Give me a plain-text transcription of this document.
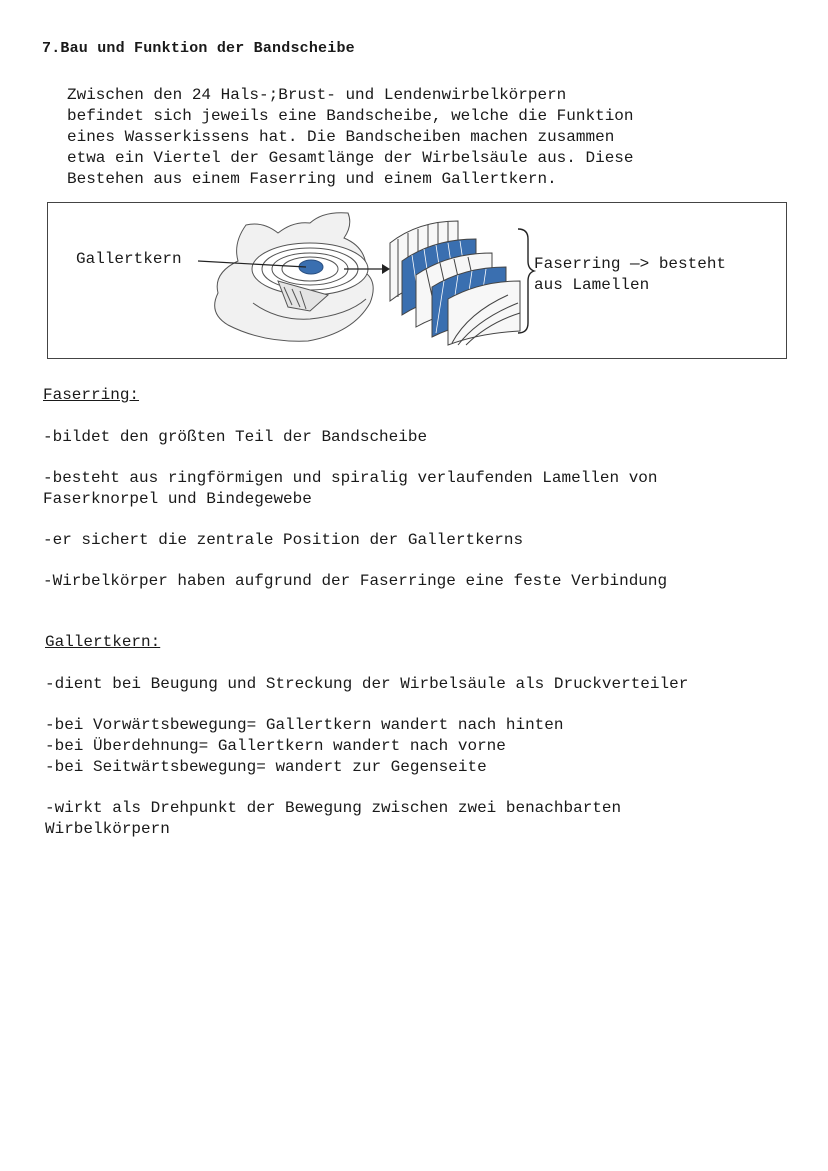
7.Bau und Funktion der Bandscheibe
Zwischen den 24 Hals-;Brust- und Lendenwirbelkörpern
befindet sich jeweils eine Bandscheibe, welche die Funktion
eines Wasserkissens hat. Die Bandscheiben machen zusammen
etwa ein Viertel der Gesamtlänge der Wirbelsäule aus. Diese
Bestehen aus einem Faserring und einem Gallertkern.
Gallertkern	Faserring —> besteht
aus Lamellen
Faserring:
-bildet den größten Teil der Bandscheibe
-besteht aus ringförmigen und spiralig verlaufenden Lamellen von
Faserknorpel und Bindegewebe
-er sichert die zentrale Position der Gallertkerns
-Wirbelkörper haben aufgrund der Faserringe eine feste Verbindung
Gallertkern:
-dient bei Beugung und Streckung der Wirbelsäule als Druckverteiler
-bei Vorwärtsbewegung= Gallertkern wandert nach hinten
-bei Überdehnung= Gallertkern wandert nach vorne
-bei Seitwärtsbewegung= wandert zur Gegenseite
-wirkt als Drehpunkt der Bewegung zwischen zwei benachbarten
Wirbelkörpern
